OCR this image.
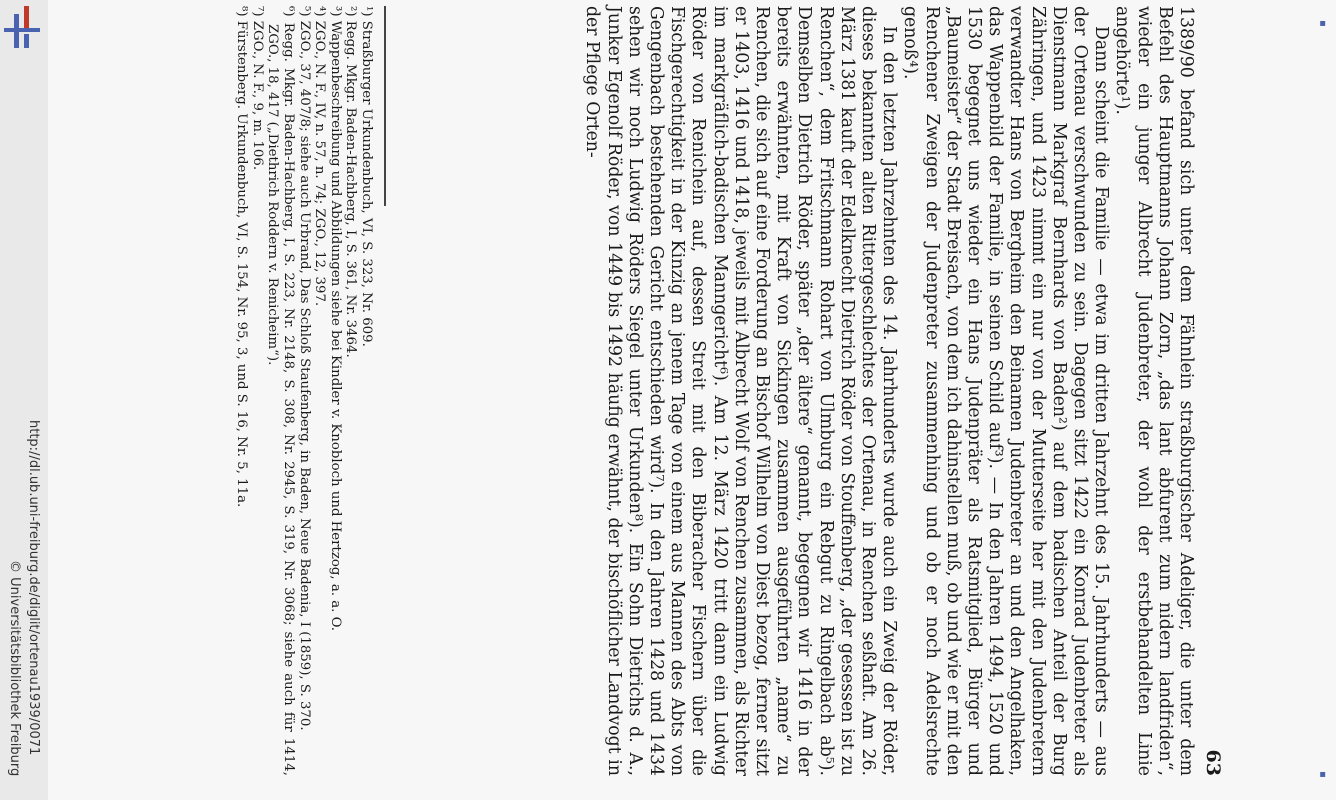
http://dl.ub.uni-freiburg.de/diglit/ortenau1939/0071
© Universitätsbibliothek Freiburg
▪
▪
63

1389/90 befand sich unter dem Fähnlein straßburgischer Adeliger, die unter dem Befehl des Hauptmanns Johann Zorn, „das lant abfurent zum nidern landfriden“, wieder ein junger Albrecht Judenbreter, der wohl der erstbehandelten Linie angehörte¹).

Dann scheint die Familie — etwa im dritten Jahrzehnt des 15. Jahrhunderts — aus der Ortenau verschwunden zu sein. Dagegen sitzt 1422 ein Konrad Judenbreter als Dienstmann Markgraf Bernhards von Baden²) auf dem badischen Anteil der Burg Zähringen, und 1423 nimmt ein nur von der Mutterseite her mit den Judenbretern verwandter Hans von Bergheim den Beinamen Judenbreter an und den Angelhaken, das Wappenbild der Familie, in seinen Schild auf³). — In den Jahren 1494, 1520 und 1530 begegnet uns wieder ein Hans Judenpräter als Ratsmitglied, Bürger und „Baumeister“ der Stadt Breisach, von dem ich dahinstellen muß, ob und wie er mit den Renchener Zweigen der Judenpreter zusammenhing und ob er noch Adelsrechte genoß⁴).

In den letzten Jahrzehnten des 14. Jahrhunderts wurde auch ein Zweig der Röder, dieses bekannten alten Rittergeschlechtes der Ortenau, in Renchen seßhaft. Am 26. März 1381 kauft der Edelknecht Dietrich Röder von Stouffenberg, „der gesessen ist zu Renchen“, dem Fritschmann Rohart von Ulmburg ein Rebgut zu Ringelbach ab⁵). Demselben Dietrich Röder, später „der ältere“ genannt, begegnen wir 1416 in der bereits erwähnten, mit Kraft von Sickingen zusammen ausgeführten „name“ zu Renchen, die sich auf eine Forderung an Bischof Wilhelm von Diest bezog, ferner sitzt er 1403, 1416 und 1418, jeweils mit Albrecht Wolf von Renchen zusammen, als Richter im markgräflich-badischen Manngericht⁶). Am 12. März 1420 tritt dann ein Ludwig Röder von Renichein auf, dessen Streit mit den Biberacher Fischern über die Fischgerechtigkeit in der Kinzig an jenem Tage von einem aus Mannen des Abts von Gengenbach bestehenden Gericht entschieden wird⁷). In den Jahren 1428 und 1434 sehen wir noch Ludwig Röders Siegel unter Urkunden⁸). Ein Sohn Dietrichs d. A., Junker Egenolf Röder, von 1449 bis 1492 häufig erwähnt, der bischöflicher Landvogt in der Pflege Orten-

¹) Straßburger Urkundenbuch, VI, S. 323, Nr. 609.

²) Regg. Mkgr. Baden-Hachberg, I, S. 361, Nr. 3464.

³) Wappenbeschreibung und Abbildungen siehe bei Kindler v. Knobloch und Hertzog, a. a. O.

⁴) ZGO., N. F., IV, n. 57, n. 74; ZGO., 12, 397.

⁵) ZGO., 37, 407/8; siehe auch Urbrand, Das Schloß Staufenberg, in Baden, Neue Badenia, I (1859), S. 370.

⁶) Regg. Mkgr. Baden-Hachberg, I, S. 223, Nr. 2148, S. 308, Nr. 2945, S. 319, Nr. 3068; siehe auch für 1414, ZGO., 18, 417 („Diethrich Roddern v. Renicheim“).

⁷) ZGO., N. F., 9, m. 106.

⁸) Fürstenberg. Urkundenbuch, VI, S. 154, Nr. 95, 3, und S. 16, Nr. 5, 11a.
